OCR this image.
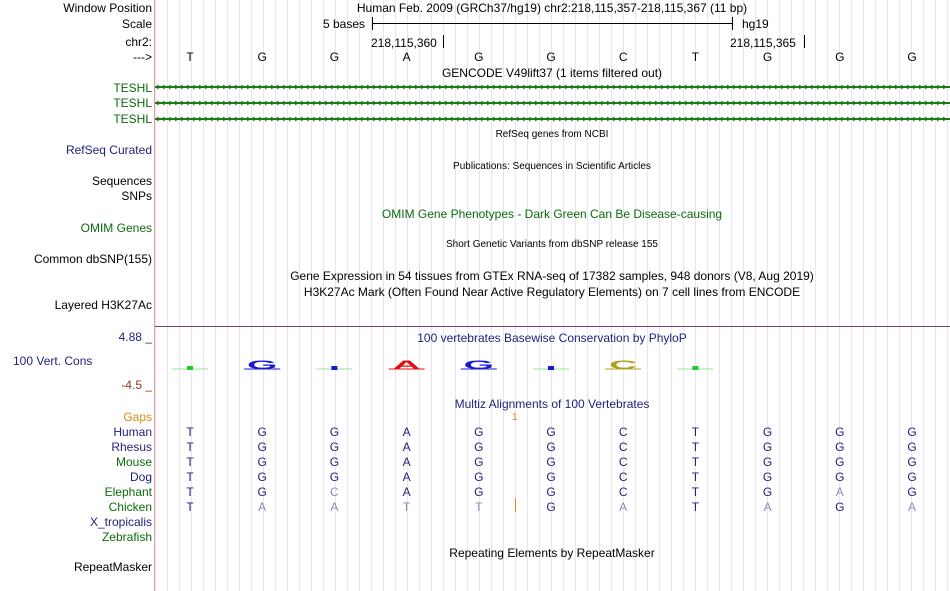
Window Position
Scale
chr2:
--->
TESHL
TESHL
TESHL
RefSeq Curated
Sequences
SNPs
OMIM Genes
Common dbSNP(155)
Layered H3K27Ac
4.88 _
100 Vert. Cons
-4.5 _
Gaps
Human
Rhesus
Mouse
Dog
Elephant
Chicken
X_tropicalis
Zebrafish
RepeatMasker
Human Feb. 2009 (GRCh37/hg19) chr2:218,115,357-218,115,367 (11 bp)
5 bases	hg19
218,115,360	218,115,365
T	G	G	A	G	G	C	T	G	G	G
GENCODE V49lift37 (1 items filtered out)
RefSeq genes from NCBI
Publications: Sequences in Scientific Articles
OMIM Gene Phenotypes - Dark Green Can Be Disease-causing
Short Genetic Variants from dbSNP release 155
Gene Expression in 54 tissues from GTEx RNA-seq of 17382 samples, 948 donors (V8, Aug 2019)
H3K27Ac Mark (Often Found Near Active Regulatory Elements) on 7 cell lines from ENCODE
100 vertebrates Basewise Conservation by PhyloP
G	A	G	C
Multiz Alignments of 100 Vertebrates
1
T	G	G	A	G	G	C	T	G	G	G
T	G	G	A	G	G	C	T	G	G	G
T	G	G	A	G	G	C	T	G	G	G
T	G	G	A	G	G	C	T	G	G	G
T	G	C	A	G	G	C	T	G	A	G
T	A	A	T	T	G	A	T	A	G	A
Repeating Elements by RepeatMasker
